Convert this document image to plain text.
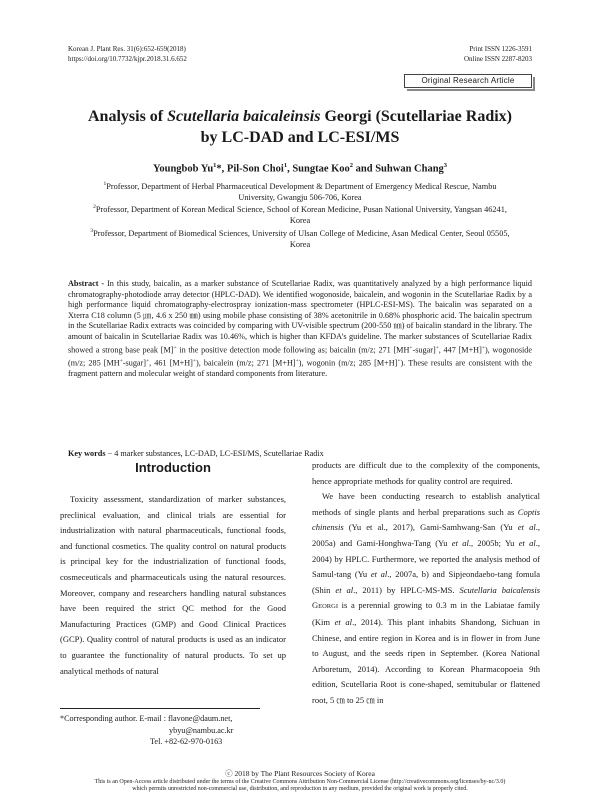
Korean J. Plant Res. 31(6):652-659(2018)
https://doi.org/10.7732/kjpr.2018.31.6.652
Print ISSN 1226-3591
Online ISSN 2287-8203
Original Research Article
Analysis of Scutellaria baicaleinsis Georgi (Scutellariae Radix)
by LC-DAD and LC-ESI/MS
Youngbob Yu$^1$*, Pil-Son Choi$^1$, Sungtae Koo$^2$ and Suhwan Chang$^3$
$^1$Professor, Department of Herbal Pharmaceutical Development & Department of Emergency Medical Rescue, Nambu University, Gwangju 506-706, Korea
$^2$Professor, Department of Korean Medical Science, School of Korean Medicine, Pusan National University, Yangsan 46241, Korea
$^3$Professor, Department of Biomedical Sciences, University of Ulsan College of Medicine, Asan Medical Center, Seoul 05505, Korea
Abstract - In this study, baicalin, as a marker substance of Scutellariae Radix, was quantitatively analyzed by a high performance liquid chromatography-photodiode array detector (HPLC-DAD). We identified wogonoside, baicalein, and wogonin in the Scutellariae Radix by a high performance liquid chromatography-electrospray ionization-mass spectrometer (HPLC-ESI-MS). The baicalin was separated on a Xterra C18 column (5 ㎛, 4.6 x 250 ㎜) using mobile phase consisting of 38% acetonitrile in 0.68% phosphoric acid. The baicalin spectrum in the Scutellariae Radix extracts was coincided by comparing with UV-visible spectrum (200-550 ㎚) of baicalin standard in the library. The amount of baicalin in Scutellariae Radix was 10.46%, which is higher than KFDA’s guideline. The marker substances of Scutellariae Radix showed a strong base peak [M]+ in the positive detection mode following as; baicalin (m/z; 271 [MH+-sugar]+, 447 [M+H]+), wogonoside (m/z; 285 [MH+-sugar]+, 461 [M+H]+), baicalein (m/z; 271 [M+H]+), wogonin (m/z; 285 [M+H]+). These results are consistent with the fragment pattern and molecular weight of standard components from literature.
Key words − 4 marker substances, LC-DAD, LC-ESI/MS, Scutellariae Radix
Introduction

Toxicity assessment, standardization of marker substances, preclinical evaluation, and clinical trials are essential for industrialization with natural pharmaceuticals, functional foods, and functional cosmetics. The quality control on natural products is principal key for the industrialization of functional foods, cosmeceuticals and pharmaceuticals using the natural resources. Moreover, company and researchers handling natural substances have been required the strict QC method for the Good Manufacturing Practices (GMP) and Good Clinical Practices (GCP). Quality control of natural products is used as an indicator to guarantee the functionality of natural products. To set up analytical methods of natural

products are difficult due to the complexity of the components, hence appropriate methods for quality control are required.

We have been conducting research to establish analytical methods of single plants and herbal preparations such as Coptis chinensis (Yu et al., 2017), Gami-Samhwang-San (Yu et al., 2005a) and Gami-Honghwa-Tang (Yu et al., 2005b; Yu et al., 2004) by HPLC. Furthermore, we reported the analysis method of Samul-tang (Yu et al., 2007a, b) and Sipjeondaebo-tang fomula (Shin et al., 2011) by HPLC-MS-MS. Scutellaria baicalensis GEORGI is a perennial growing to 0.3 m in the Labiatae family (Kim et al., 2014). This plant inhabits Shandong, Sichuan in Chinese, and entire region in Korea and is in flower in from June to August, and the seeds ripen in September. (Korea National Arboretum, 2014). According to Korean Pharmacopoeia 9th edition, Scutellaria Root is cone-shaped, semitubular or flattened root, 5 ㎝ to 25 ㎝ in

*Corresponding author. E-mail : flavone@daum.net,
ybyu@nambu.ac.kr
Tel. +82-62-970-0163
ⓒ 2018 by The Plant Resources Society of Korea
This is an Open-Access article distributed under the terms of the Creative Commons Attribution Non-Commercial License (http://creativecommons.org/licenses/by-nc/3.0)
which permits unrestricted non-commercial use, distribution, and reproduction in any medium, provided the original work is properly cited.
